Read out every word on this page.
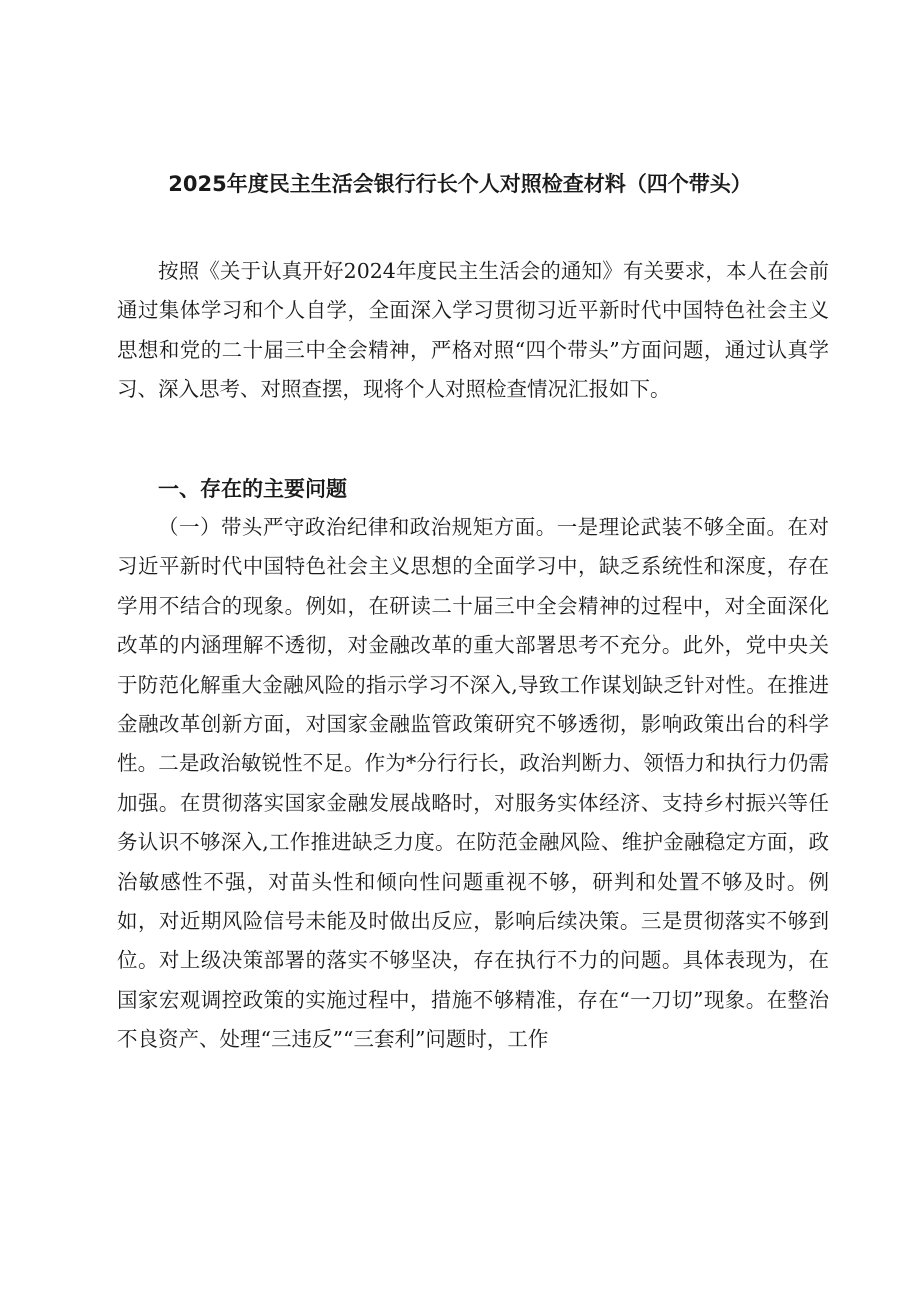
2025年度民主生活会银行行长个人对照检查材料（四个带头）

按照《关于认真开好2024年度民主生活会的通知》有关要求，本人在会前通过集体学习和个人自学，全面深入学习贯彻习近平新时代中国特色社会主义思想和党的二十届三中全会精神，严格对照“四个带头”方面问题，通过认真学习、深入思考、对照查摆，现将个人对照检查情况汇报如下。

一、存在的主要问题

（一）带头严守政治纪律和政治规矩方面。一是理论武装不够全面。在对习近平新时代中国特色社会主义思想的全面学习中，缺乏系统性和深度，存在学用不结合的现象。例如，在研读二十届三中全会精神的过程中，对全面深化改革的内涵理解不透彻，对金融改革的重大部署思考不充分。此外，党中央关于防范化解重大金融风险的指示学习不深入,导致工作谋划缺乏针对性。在推进金融改革创新方面，对国家金融监管政策研究不够透彻，影响政策出台的科学性。二是政治敏锐性不足。作为*分行行长，政治判断力、领悟力和执行力仍需加强。在贯彻落实国家金融发展战略时，对服务实体经济、支持乡村振兴等任务认识不够深入,工作推进缺乏力度。在防范金融风险、维护金融稳定方面，政治敏感性不强，对苗头性和倾向性问题重视不够，研判和处置不够及时。例如，对近期风险信号未能及时做出反应，影响后续决策。三是贯彻落实不够到位。对上级决策部署的落实不够坚决，存在执行不力的问题。具体表现为，在国家宏观调控政策的实施过程中，措施不够精准，存在“一刀切”现象。在整治不良资产、处理“三违反”“三套利”问题时，工作
